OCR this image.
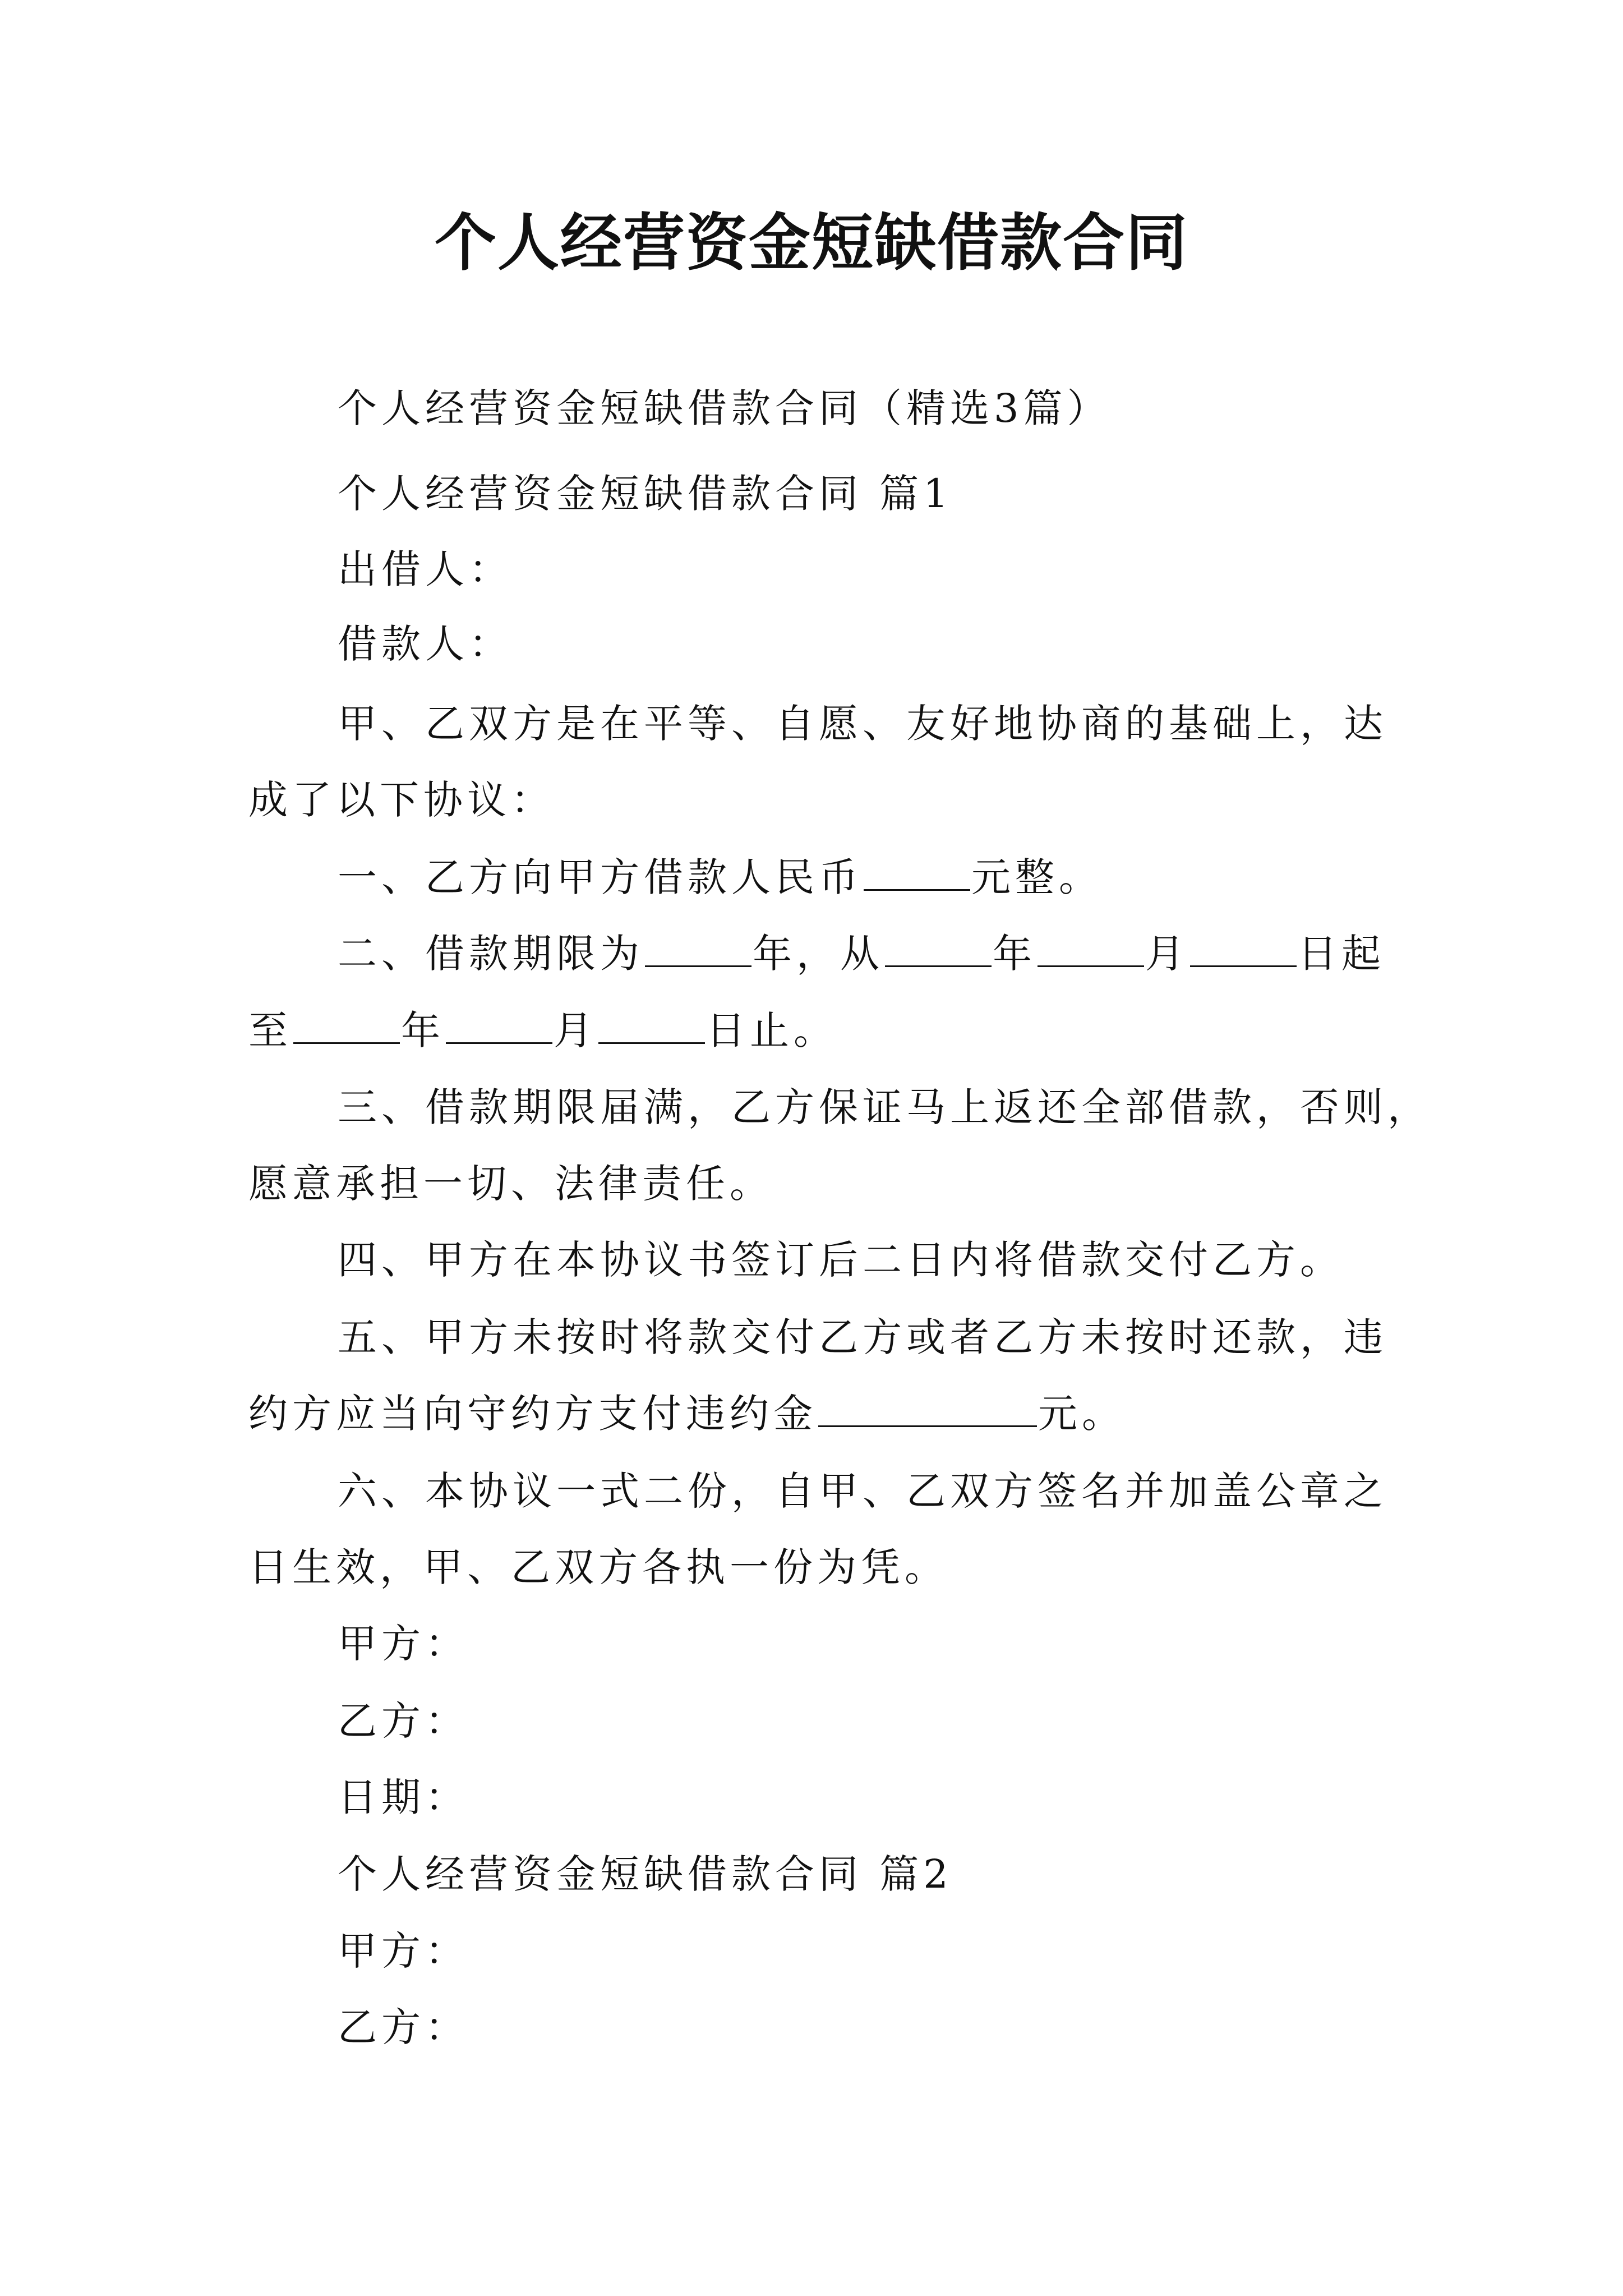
个人经营资金短缺借款合同
个人经营资金短缺借款合同（精选3篇）
个人经营资金短缺借款合同 篇1
出借人：
借款人：
甲、乙双方是在平等、自愿、友好地协商的基础上，达
成了以下协议：
一、乙方向甲方借款人民币	元整。
二、借款期限为	年，从	年	月	日起
至	年	月	日止。
三、借款期限届满，乙方保证马上返还全部借款，否则，
愿意承担一切、法律责任。
四、甲方在本协议书签订后二日内将借款交付乙方。
五、甲方未按时将款交付乙方或者乙方未按时还款，违
约方应当向守约方支付违约金	元。
六、本协议一式二份，自甲、乙双方签名并加盖公章之
日生效，甲、乙双方各执一份为凭。
甲方：
乙方：
日期：
个人经营资金短缺借款合同 篇2
甲方：
乙方：
